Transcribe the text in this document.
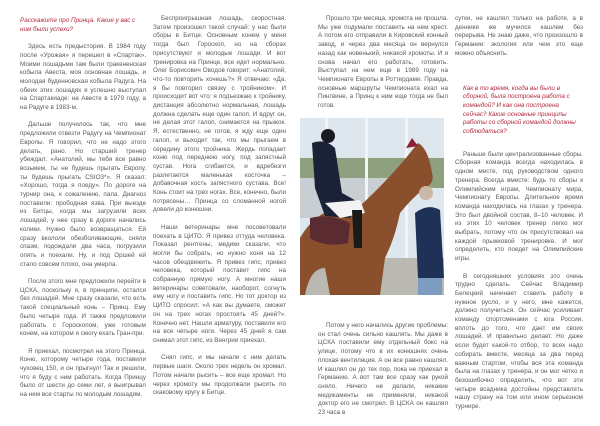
Расскажите про Принца. Какие у вас с ним были успехи?

Здесь есть предыстория. В 1984 году после «Урожая» я перешел в «Спартак». Моими лошадьми там были тракененская кобыла Авеста, моя основная лошадь, и молодая буденновская кобыла Радуга. На обеих этих лошадях я успешно выступал на Спартакиаде: на Авесте в 1979 году, а на Радуге в 1983-м.

Дальше получилось так, что мне предложили отвезти Радугу на Чемпионат Европы. Я говорил, что не надо этого делать, рано. Но старший тренер убеждал: «Анатолий, мы тебя все равно возьмем, ты не будешь прыгать Европу, ты будешь прыгать CSIO3*». Я сказал: «Хорошо, тогда я поеду». По дороге на турнир она, к сожалению, пала. Диагноз поставили: прободная язва. При выезде из Битцы, когда мы загрузили всех лошадей, у нее сразу в дороге начались колики. Нужно было возвращаться. Ей сразу вкололи обезболивающие, сняли спазм, подождали два часа, погрузили опять и поехали. Ну, и под Оршей ей стало совсем плохо, она умерла.

После этого мне предложили перейти в ЦСКА, поскольку я, в принципе, остался без лошадей. Мне сразу сказали, что есть такой специальный конь – Принц. Ему было четыре года. И также предложили работать с Гороскопом, уже готовым конем, на котором я смогу ехать Гран-при.

Я приехал, посмотрел на этого Принца. Коню, которому четыре года, поставили чуховец 150, и он прыгнул! Так и решили, что я буду с ним работать. Когда Принцу было от шести до семи лет, я выигрывал на нем все старты по молодым лошадям.

Беспроигрышная лошадь, скоростная. Затем произошел такой случай: у нас были сборы в Битце. Основным конем у меня тогда был Гороскоп, но на сборах присутствуют и молодые лошади. И вот тренировка на Принце, все идет нормально. Олег Борисович Оводов говорит: «Анатолий, что-то повторить хочешь?» Я отвечаю: «Да, я бы повторил связку с тройником». И происходит вот что: я подъезжаю к тройнику, дистанция абсолютно нормальная, лошадь должна сделать еще один галоп. И вдруг он, не делая этот галоп, снимается на прыжок. Я, естественно, не готов, я жду еще один галоп, и выходит так, что мы прыгаем в середину этого тройника. Жердь попадает коню под переднюю ногу, под запястный сустав. Нога сгибается, и вдребезги разлетается маленькая косточка – добавочная кость запястного сустава. Все! Конь стоит на трех ногах. Все, конечно, были потрясены… Принца со сломанной ногой довели до конюшни.

Наши ветеринары мне посоветовали поехать в ЦИТО. Я привез оттуда человека. Показал рентгены, медики сказали, что могли бы собрать, но нужно коня на 12 часов обездвижить. Я привез гипс, привез человека, который поставит гипс на собранную прямую ногу. А многие наши ветеринары советовали, наоборот, согнуть ему ногу и поставить гипс. Но тот доктор из ЦИТО спросил: «А как вы думаете, сможет он на трех ногах простоять 45 дней?». Конечно нет. Нашли арматуру, поставили его на все четыре ноги. Через 45 дней я сам снимал этот гипс, из Венгрии приехал.

Снял гипс, и мы начали с ним делать первые шаги. Около трех недель он хромал. Потом начали рысить – все еще хромал. Но через хромоту мы продолжали рысить по скаковому кругу в Битце.

Прошло три месяца, хромота не прошла. Мы уже подумали поставить на нем крест. А потом его отправили в Кировский конный завод, и через два месяца он вернулся назад как новенький, никакой хромоты. И я снова начал его работать, готовить. Выступал на нем еще в 1989 году на Чемпионате Европы в Роттердаме. Правда, основные маршруты Чемпионата ехал на Пингвине, а Принц к ним еще тогда не был готов.

Потом у него начались другие проблемы: он стал очень сильно кашлять. Мы даже в ЦСКА поставили ему отдельный бокс на улице, потому что в их конюшнях очень плохая вентиляция. А он все равно кашлял. И кашлял он до тех пор, пока не приехал в Германию. А вот там все сразу как рукой сняло. Ничего не делали, никакие медикаменты не применяли, никакой доктор его не смотрел. В ЦСКА он кашлял 23 часа в

сутки, не кашлял только на работе, а в деннике же мучился кашлем без перерыва. Не знаю даже, что произошло в Германии: экология или чем это еще можно объяснить.

Как в то время, когда вы были в сборной, была построена работа с командой? И как она построена сейчас? Какие основные принципы работы со сборной командой должны соблюдаться?

Раньше были централизованные сборы. Сборная команда всегда находилась в одном месте, под руководством одного тренера. Всегда вместе: будь то сборы к Олимпийским играм, Чемпионату мира, Чемпионату Европы. Длительное время команда находилась на глазах у тренера. Это был двойной состав, 8–10 человек. И из этих 10 человек тренер легко мог выбрать, потому что он присутствовал на каждой прыжковой тренировке. И мог определить, кто поедет на Олимпийские игры.

В сегодняшних условиях это очень трудно сделать. Сейчас Владимир Белецкий начинает ставить работу в нужное русло, и у него, мне кажется, должно получиться. Он сейчас усиливает команду спортсменами с юга России, вплоть до того, что дает им своих лошадей. И правильно делает. Но даже если будет какой-то отбор, то всех надо собирать вместе, месяца за два перед важным стартом, чтобы вся эта команда была на глазах у тренера, и он мог четко и безошибочно определить, что вот эти четыре всадника достойны представлять нашу страну на том или ином серьезном турнире.
